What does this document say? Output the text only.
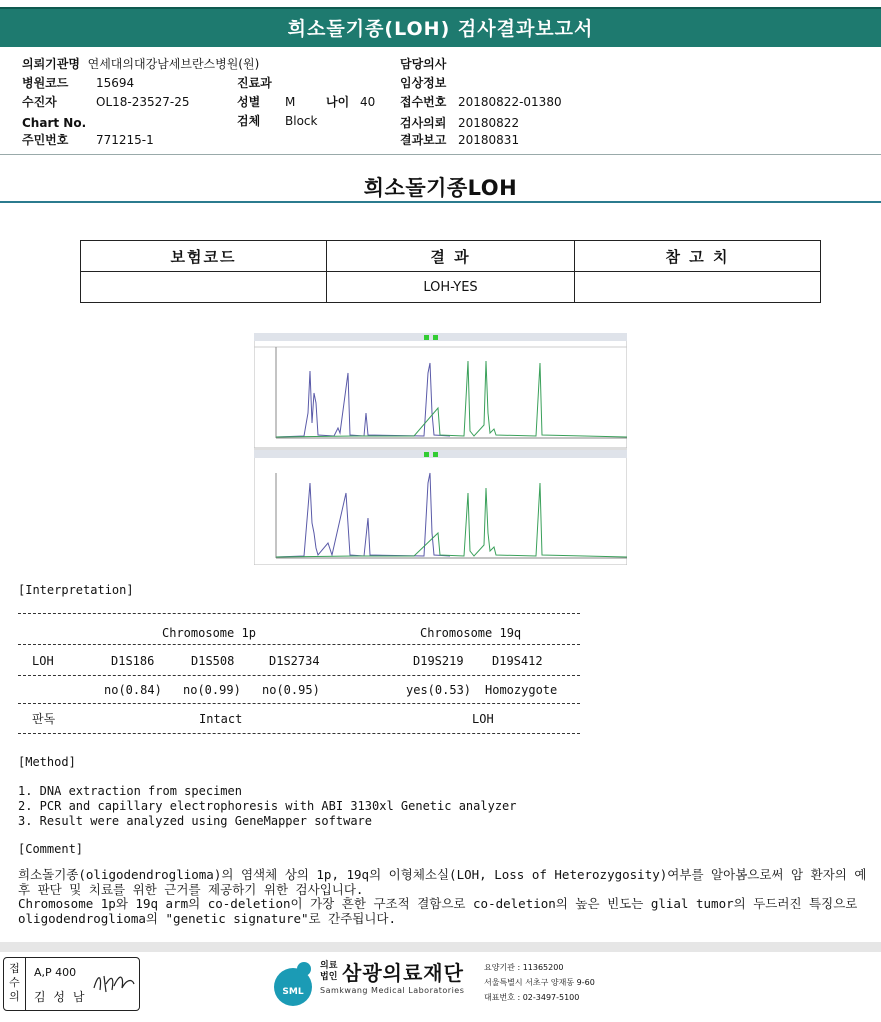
희소돌기종(LOH) 검사결과보고서
의뢰기관명 연세대의대강남세브란스병원(원)
병원코드 15694
수진자	OL18-23527-25
Chart No.
주민번호 771215-1
진료과
성별 M	나이 40
검체 Block
담당의사
임상정보
접수번호 20180822-01380
검사의뢰 20180822
결과보고 20180831
희소돌기종LOH
보험코드	결 과	참 고 치
	LOH-YES	
[Interpretation]
Chromosome 1p	Chromosome 19q
LOH	D1S186	D1S508	D1S2734	D19S219 D19S412
no(0.84) no(0.99) no(0.95)	yes(0.53) Homozygote
판독	Intact	LOH
[Method]
1. DNA extraction from specimen
2. PCR and capillary electrophoresis with ABI 3130xl Genetic analyzer
3. Result were analyzed using GeneMapper software
[Comment]
희소돌기종(oligodendroglioma)의 염색체 상의 1p, 19q의 이형체소실(LOH, Loss of Heterozygosity)여부를 알아봄으로써 암 환자의 예후 판단 및 치료를 위한 근거를 제공하기 위한 검사입니다.
Chromosome 1p와 19q arm의 co-deletion이 가장 흔한 구조적 결함으로 co-deletion의 높은 빈도는 glial tumor의 두드러진 특징으로 oligodendroglioma의 "genetic signature"로 간주됩니다.
접수의
A,P 400
김 성 남	SML
의료
법인 삼광의료재단
Samkwang Medical Laboratories
요양기관 : 11365200
서울특별시 서초구 양재동 9-60
대표번호 : 02-3497-5100
